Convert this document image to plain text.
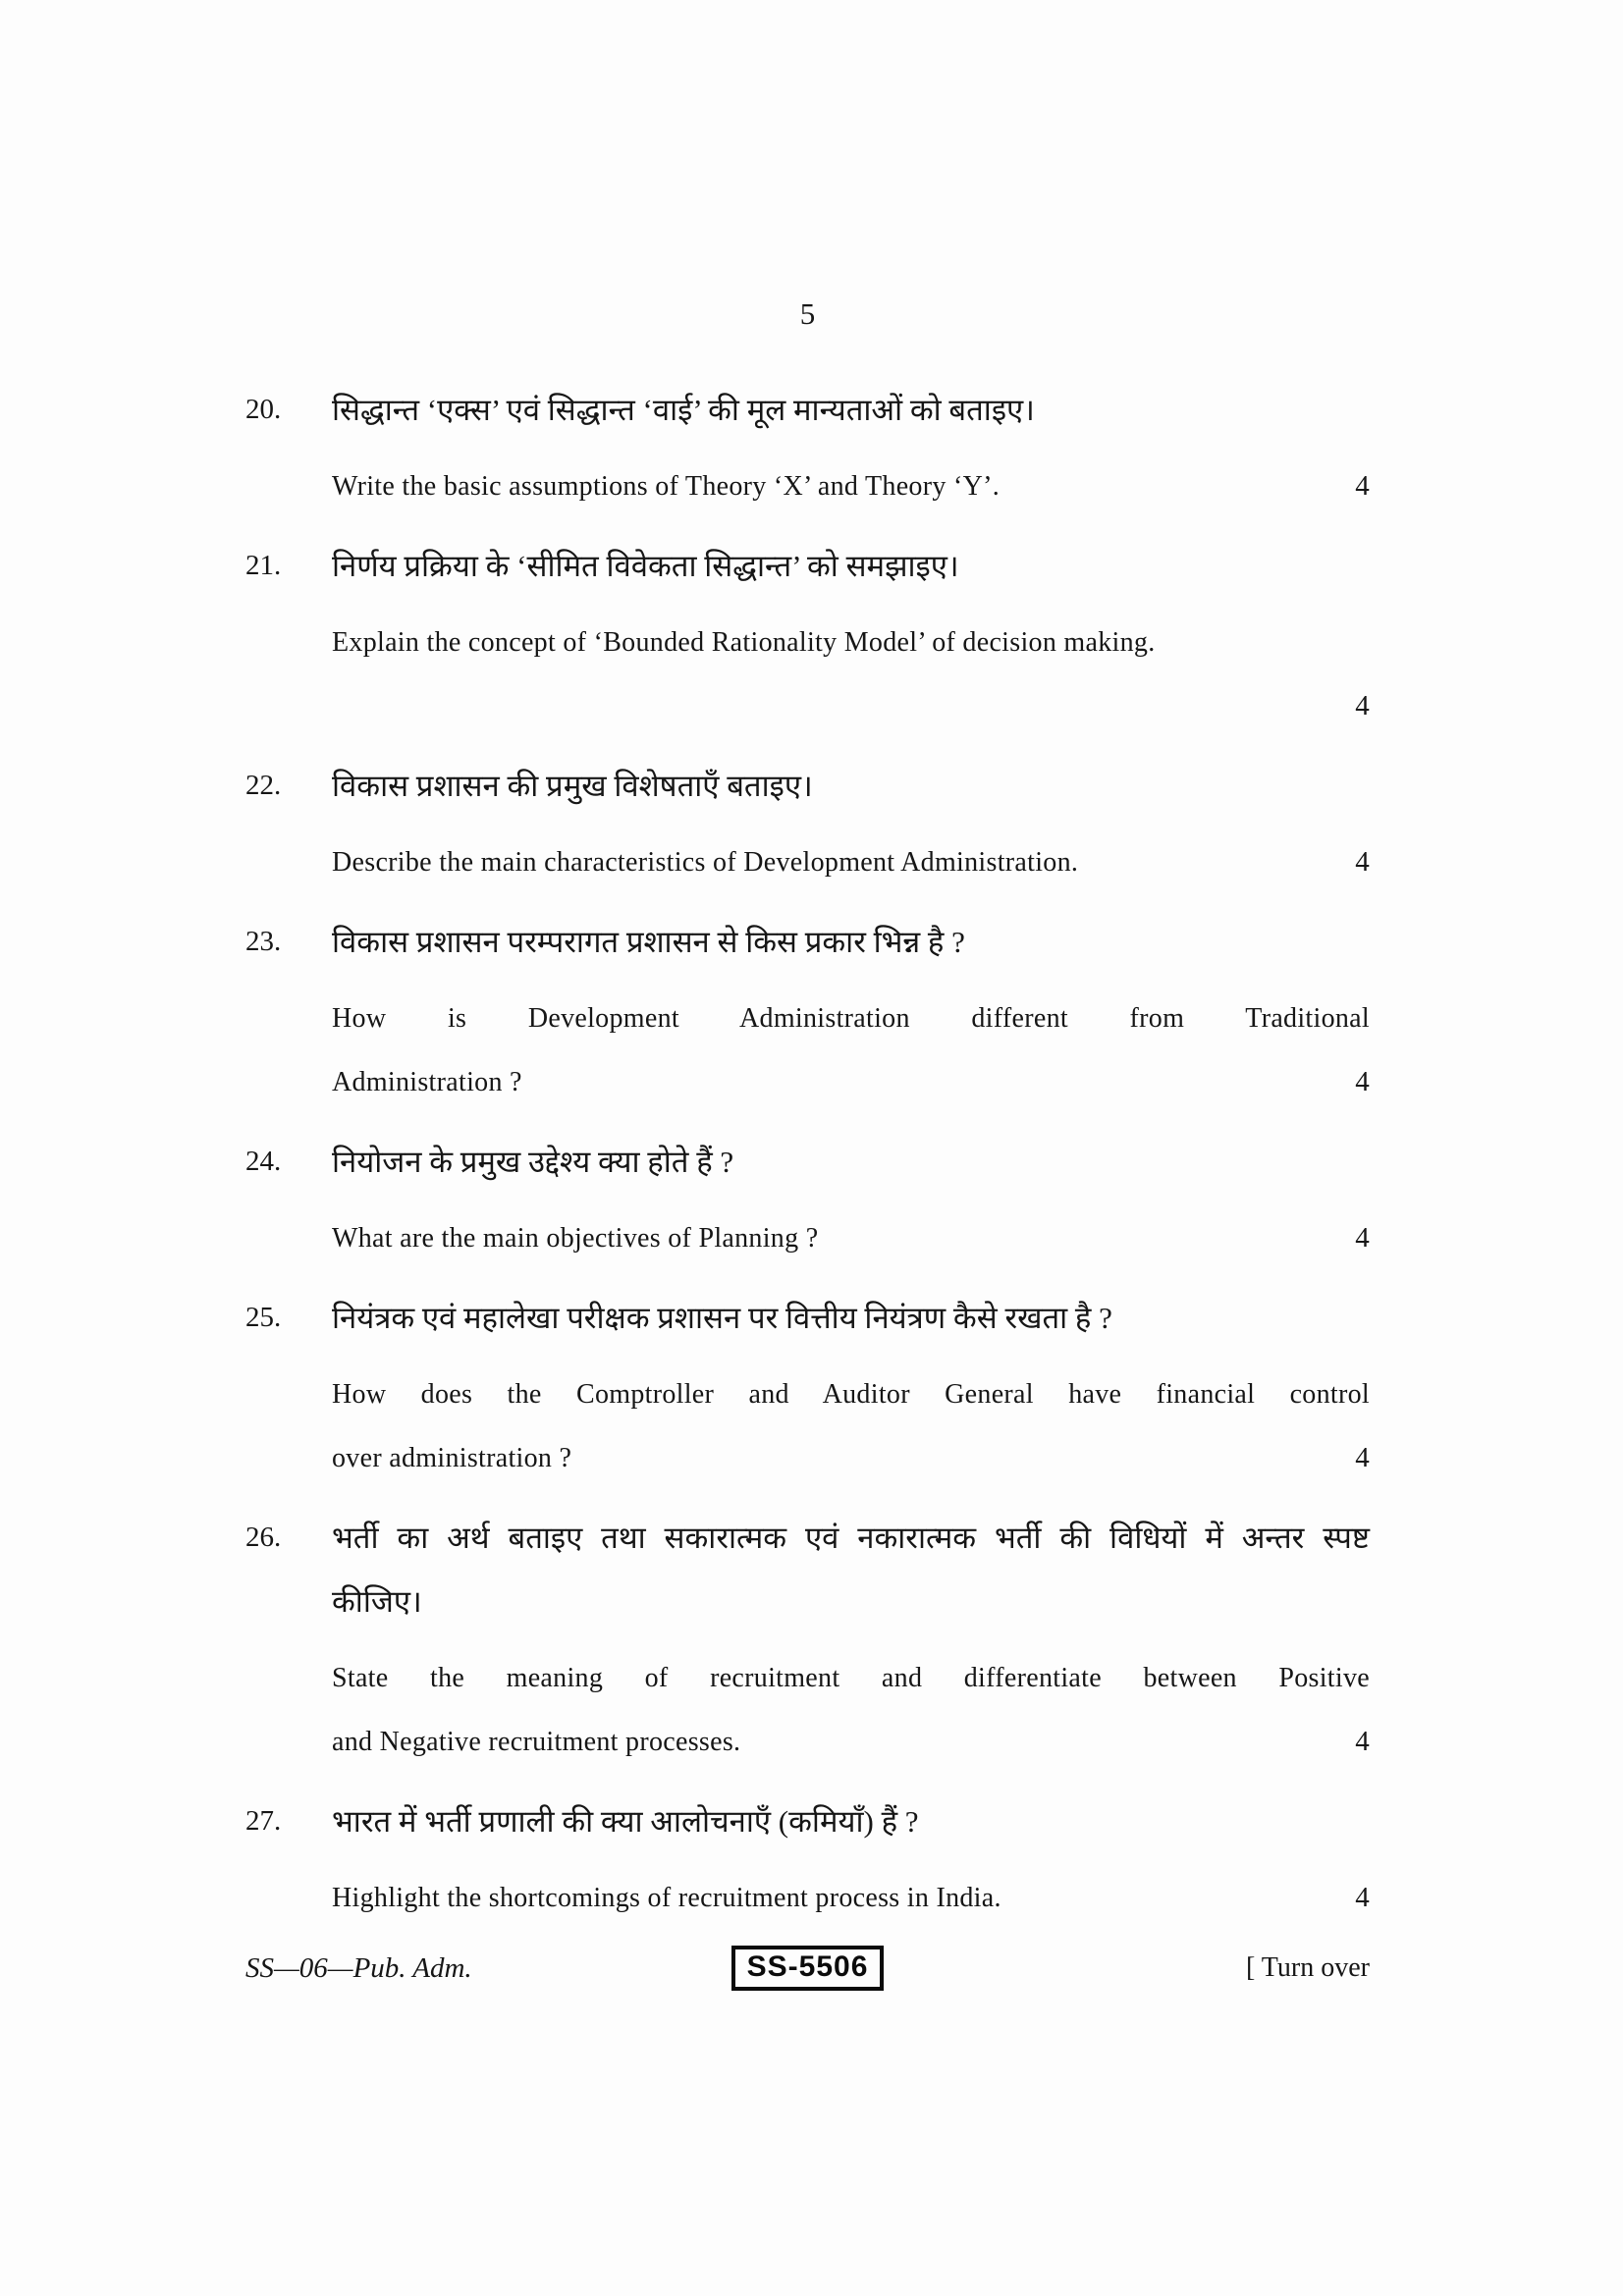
5
20.	सिद्धान्त ‘एक्स’ एवं सिद्धान्त ‘वाई’ की मूल मान्यताओं को बताइए।
Write the basic assumptions of Theory ‘X’ and Theory ‘Y’.	4
21.	निर्णय प्रक्रिया के ‘सीमित विवेकता सिद्धान्त’ को समझाइए।
Explain the concept of ‘Bounded Rationality Model’ of decision making.
4
22.	विकास प्रशासन की प्रमुख विशेषताएँ बताइए।
Describe the main characteristics of Development Administration.	4
23.	विकास प्रशासन परम्परागत प्रशासन से किस प्रकार भिन्न है ?
How is Development Administration different from Traditional
Administration ?	4
24.	नियोजन के प्रमुख उद्देश्य क्या होते हैं ?
What are the main objectives of Planning ?	4
25.	नियंत्रक एवं महालेखा परीक्षक प्रशासन पर वित्तीय नियंत्रण कैसे रखता है ?
How does the Comptroller and Auditor General have financial control
over administration ?	4
26.	भर्ती का अर्थ बताइए तथा सकारात्मक एवं नकारात्मक भर्ती की विधियों में अन्तर स्पष्ट
कीजिए।
State the meaning of recruitment and differentiate between Positive
and Negative recruitment processes.	4
27.	भारत में भर्ती प्रणाली की क्या आलोचनाएँ (कमियाँ) हैं ?
Highlight the shortcomings of recruitment process in India.	4
SS—06—Pub. Adm.	SS-5506	[ Turn over
